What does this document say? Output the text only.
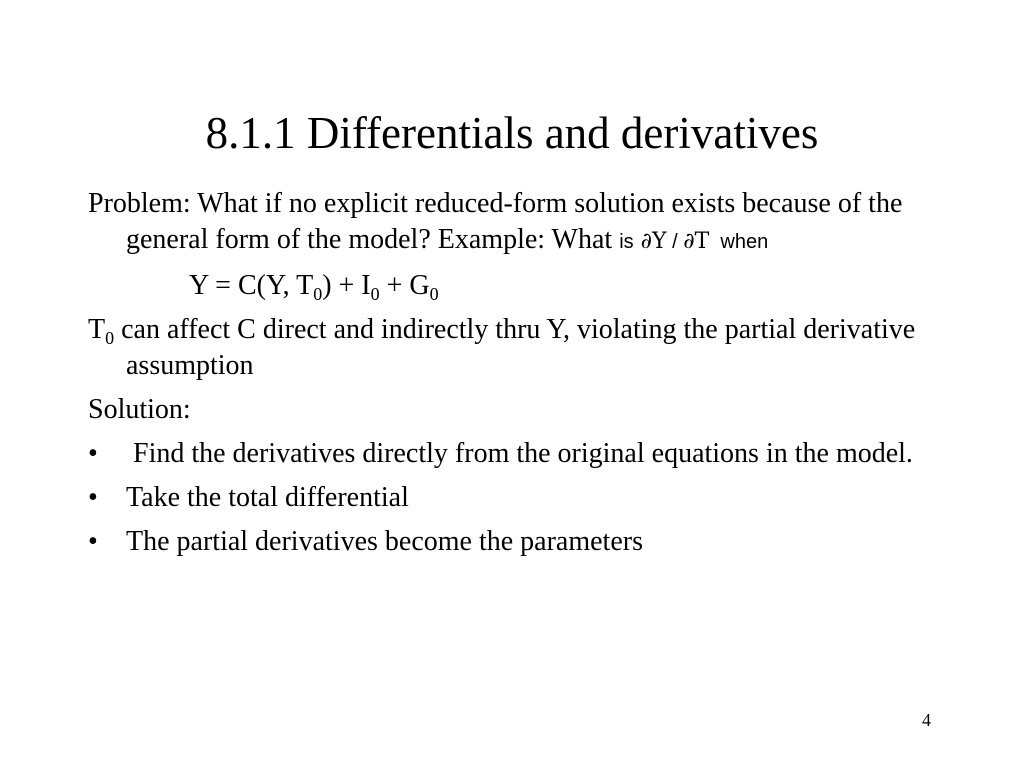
8.1.1 Differentials and derivatives

Problem: What if no explicit reduced-form solution exists because of the general form of the model? Example: What is ∂Y / ∂T  when

Y = C(Y, $T_0) + I_0 + G_0$

$T_0$ can affect C direct and indirectly thru Y, violating the partial derivative assumption

Solution:

• Find the derivatives directly from the original equations in the model.
• Take the total differential
• The partial derivatives become the parameters
4
